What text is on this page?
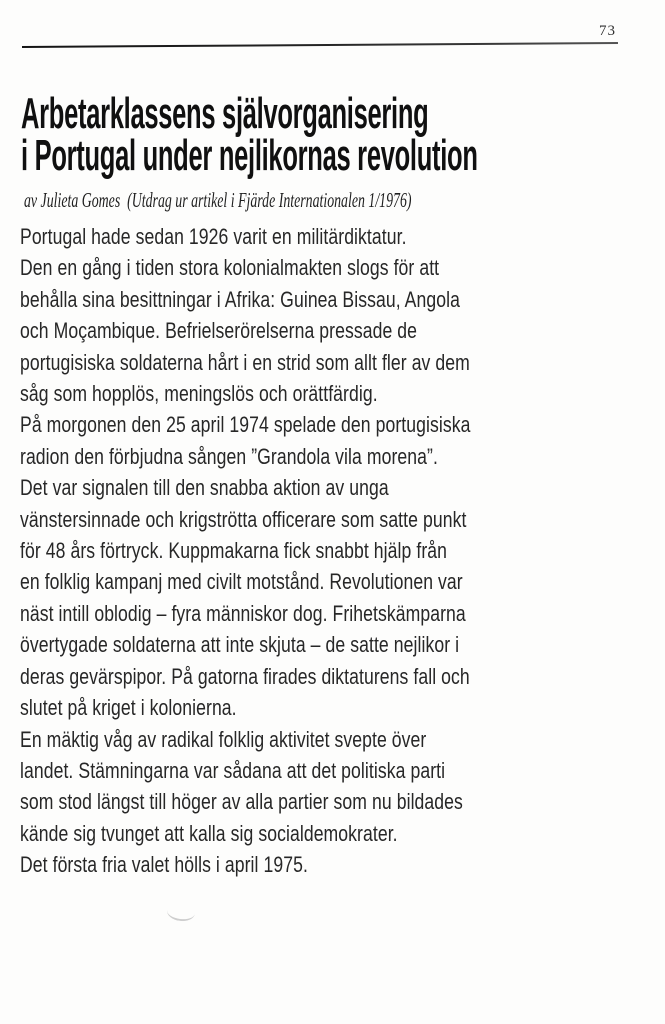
73
Arbetarklassens självorganisering
i Portugal under nejlikornas revolution

av Julieta Gomes  (Utdrag ur artikel i Fjärde Internationalen 1/1976)

Portugal hade sedan 1926 varit en militärdiktatur.
Den en gång i tiden stora kolonialmakten slogs för att
behålla sina besittningar i Afrika: Guinea Bissau, Angola
och Moçambique. Befrielserörelserna pressade de
portugisiska soldaterna hårt i en strid som allt fler av dem
såg som hopplös, meningslös och orättfärdig.
På morgonen den 25 april 1974 spelade den portugisiska
radion den förbjudna sången ”Grandola vila morena”.
Det var signalen till den snabba aktion av unga
vänstersinnade och krigströtta officerare som satte punkt
för 48 års förtryck. Kuppmakarna fick snabbt hjälp från
en folklig kampanj med civilt motstånd. Revolutionen var
näst intill oblodig – fyra människor dog. Frihetskämparna
övertygade soldaterna att inte skjuta – de satte nejlikor i
deras gevärspipor. På gatorna firades diktaturens fall och
slutet på kriget i kolonierna.
En mäktig våg av radikal folklig aktivitet svepte över
landet. Stämningarna var sådana att det politiska parti
som stod längst till höger av alla partier som nu bildades
kände sig tvunget att kalla sig socialdemokrater.
Det första fria valet hölls i april 1975.
